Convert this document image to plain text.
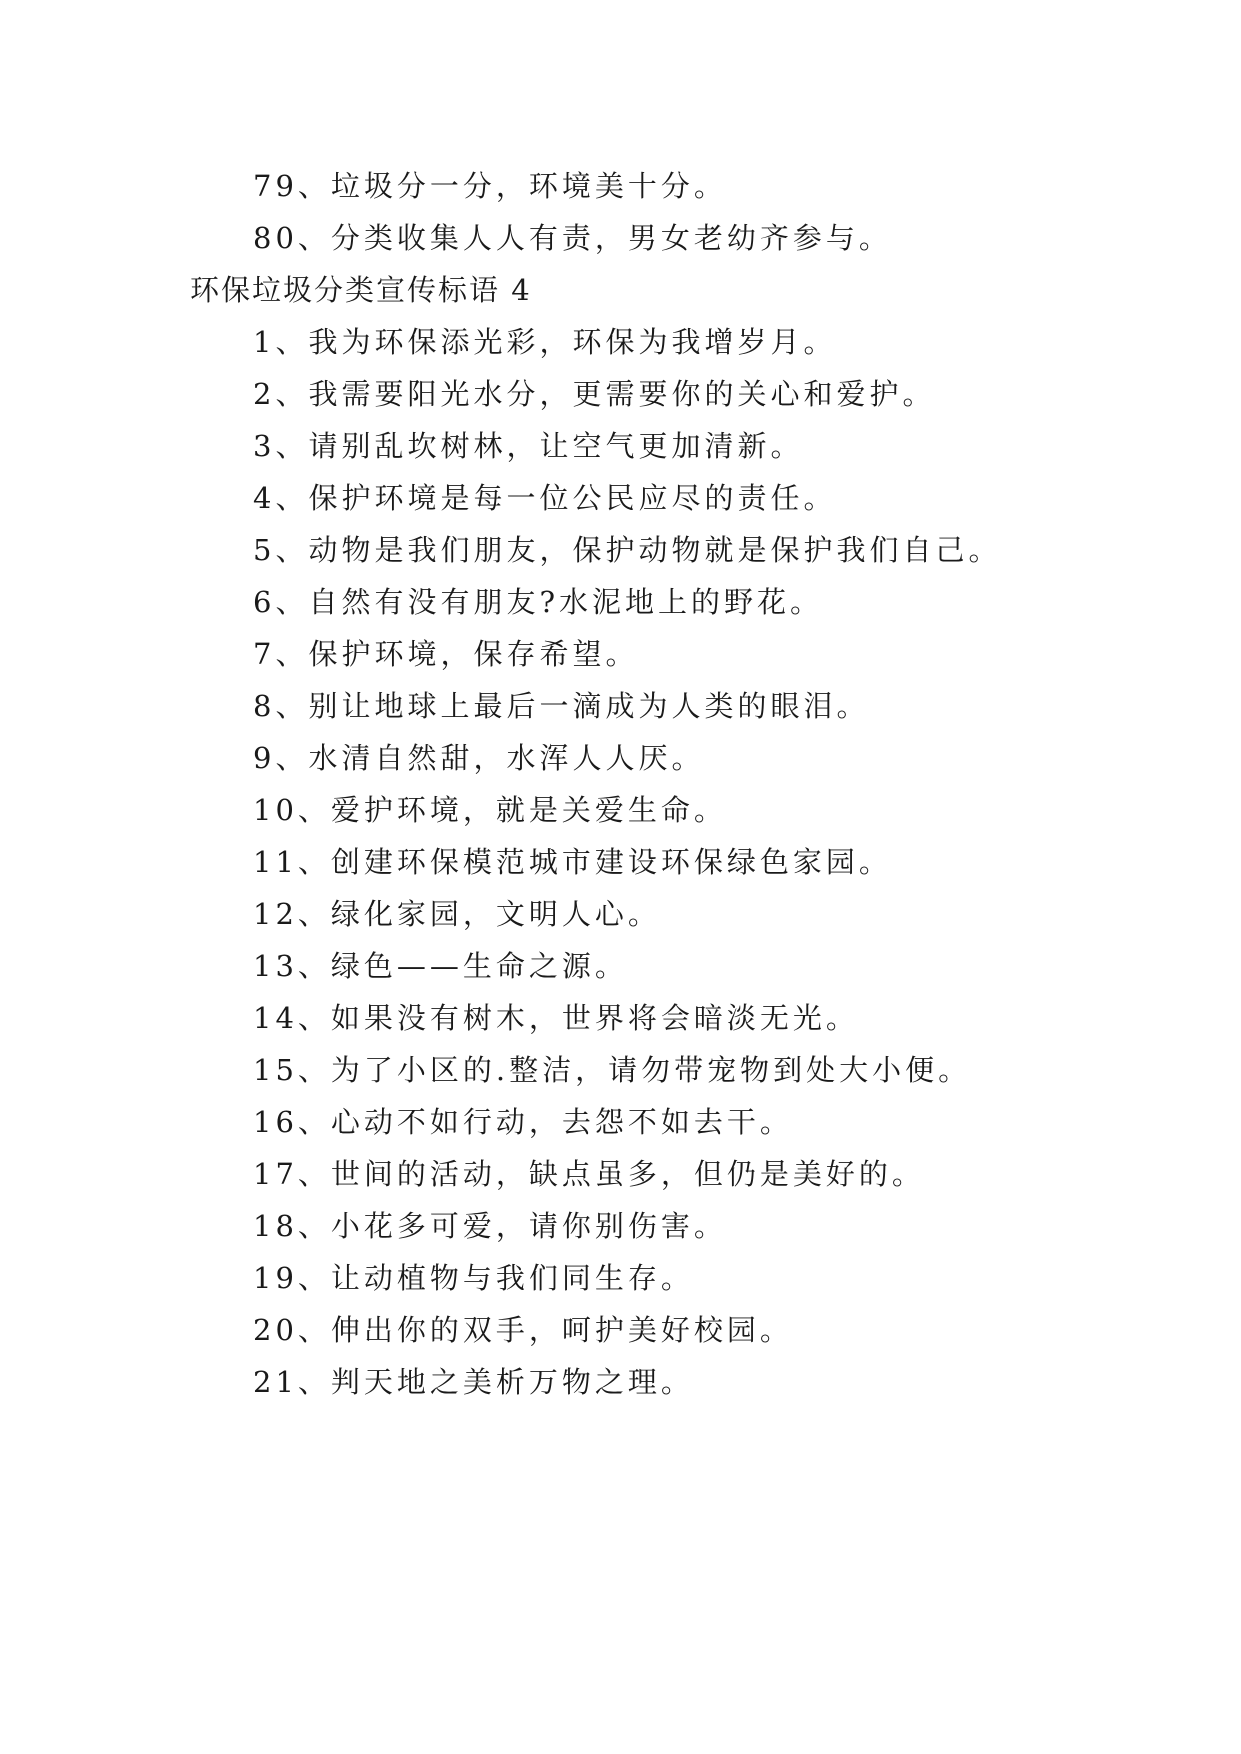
79、垃圾分一分，环境美十分。
80、分类收集人人有责，男女老幼齐参与。
环保垃圾分类宣传标语 4
1、我为环保添光彩，环保为我增岁月。
2、我需要阳光水分，更需要你的关心和爱护。
3、请别乱坎树林，让空气更加清新。
4、保护环境是每一位公民应尽的责任。
5、动物是我们朋友，保护动物就是保护我们自己。
6、自然有没有朋友?水泥地上的野花。
7、保护环境，保存希望。
8、别让地球上最后一滴成为人类的眼泪。
9、水清自然甜，水浑人人厌。
10、爱护环境，就是关爱生命。
11、创建环保模范城市建设环保绿色家园。
12、绿化家园，文明人心。
13、绿色——生命之源。
14、如果没有树木，世界将会暗淡无光。
15、为了小区的.整洁，请勿带宠物到处大小便。
16、心动不如行动，去怨不如去干。
17、世间的活动，缺点虽多，但仍是美好的。
18、小花多可爱，请你别伤害。
19、让动植物与我们同生存。
20、伸出你的双手，呵护美好校园。
21、判天地之美析万物之理。
